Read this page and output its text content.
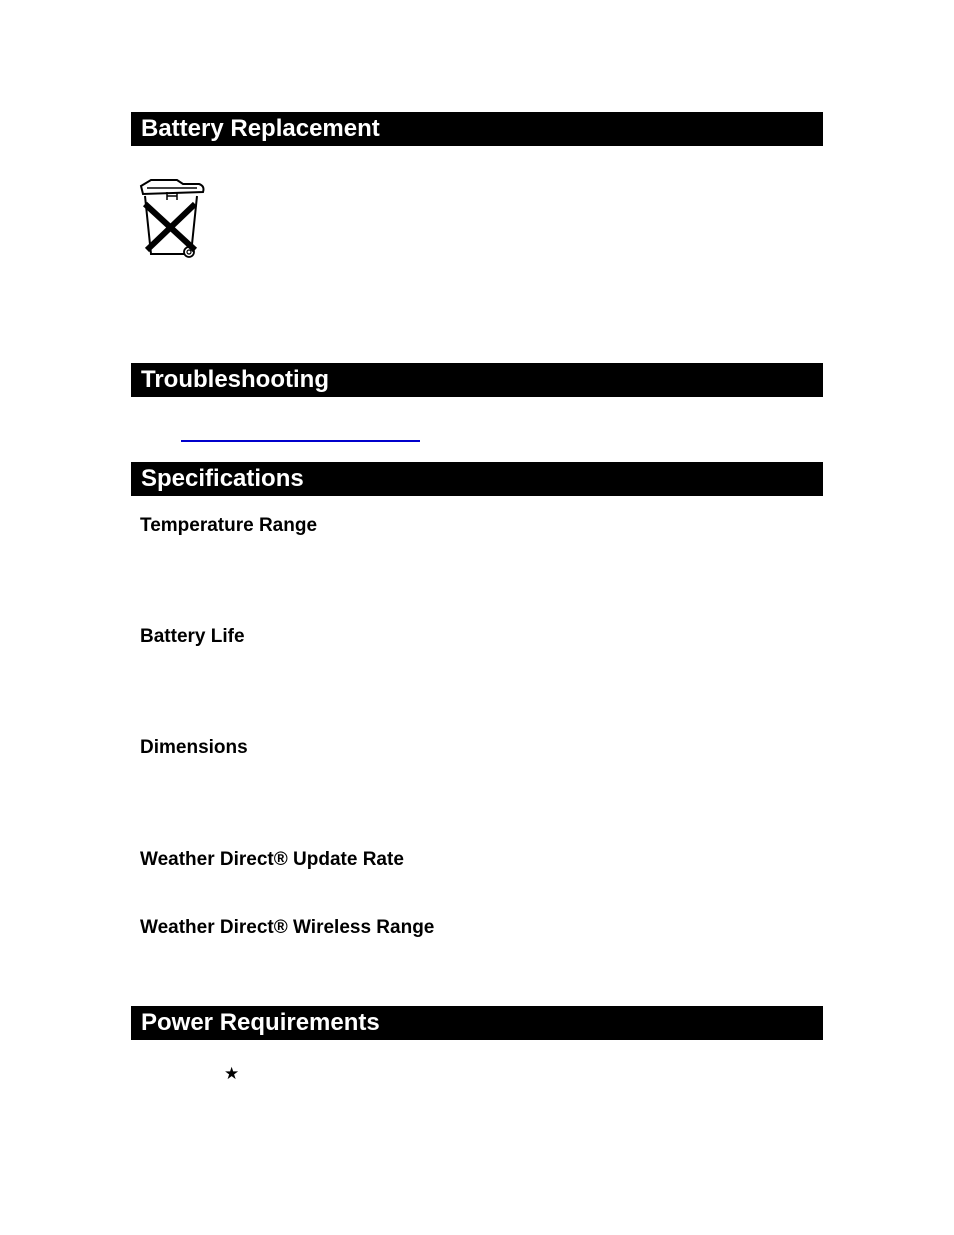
Battery Replacement
Troubleshooting
Specifications
Temperature Range
Battery Life
Dimensions
Weather Direct® Update Rate
Weather Direct® Wireless Range
Power Requirements
★
